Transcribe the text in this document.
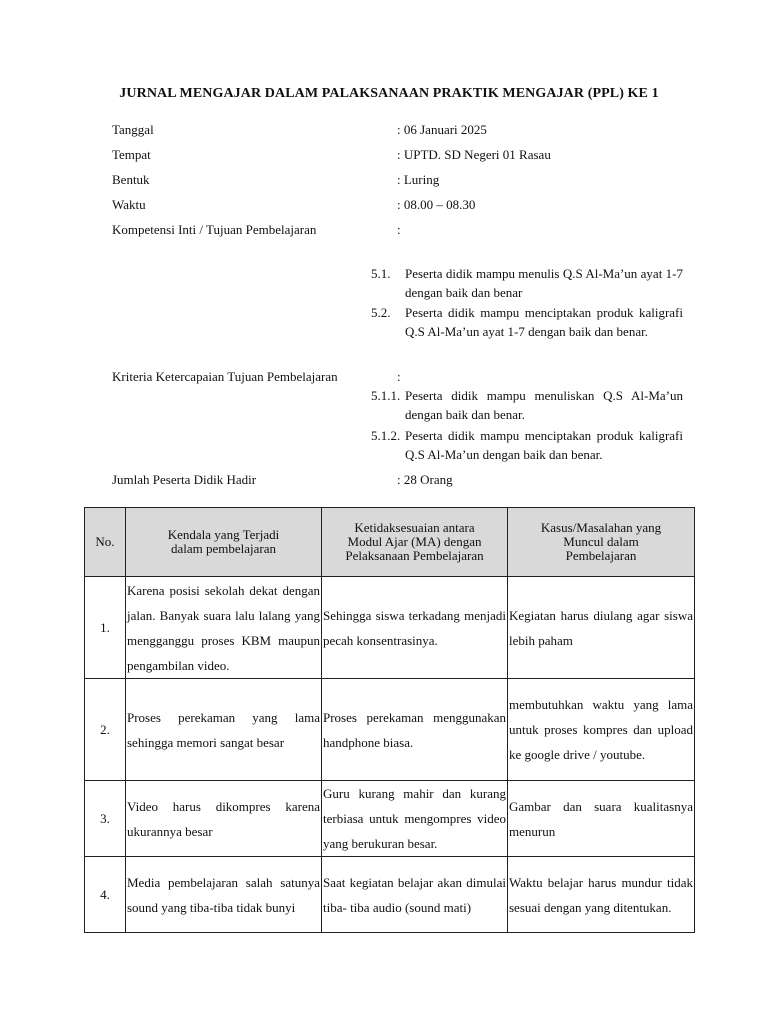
JURNAL MENGAJAR DALAM PALAKSANAAN PRAKTIK MENGAJAR (PPL) KE 1
Tanggal	: 06 Januari 2025
Tempat	: UPTD. SD Negeri 01 Rasau
Bentuk	: Luring
Waktu	: 08.00 – 08.30
Kompetensi Inti / Tujuan Pembelajaran	:
5.1. Peserta didik mampu menulis Q.S Al-Ma’un ayat 1-7 dengan baik dan benar
5.2. Peserta didik mampu menciptakan produk kaligrafi Q.S Al-Ma’un ayat 1-7 dengan baik dan benar.
Kriteria Ketercapaian Tujuan Pembelajaran	:
5.1.1. Peserta didik mampu menuliskan Q.S Al-Ma’un dengan baik dan benar.
5.1.2. Peserta didik mampu menciptakan produk kaligrafi Q.S Al-Ma’un dengan baik dan benar.
Jumlah Peserta Didik Hadir	: 28 Orang
No.	Kendala yang Terjadi dalam pembelajaran	Ketidaksesuaian antara Modul Ajar (MA) dengan Pelaksanaan Pembelajaran	Kasus/Masalahan yang Muncul dalam Pembelajaran

1.	Karena posisi sekolah dekat dengan jalan. Banyak suara lalu lalang yang mengganggu proses KBM maupun pengambilan video.	Sehingga siswa terkadang menjadi pecah konsentrasinya.	Kegiatan harus diulang agar siswa lebih paham
2.	Proses perekaman yang lama sehingga memori sangat besar	Proses perekaman menggunakan handphone biasa.	membutuhkan waktu yang lama untuk proses kompres dan upload ke google drive / youtube.
3.	Video harus dikompres karena ukurannya besar	Guru kurang mahir dan kurang terbiasa untuk mengompres video yang berukuran besar.	Gambar dan suara kualitasnya menurun
4.	Media pembelajaran salah satunya sound yang tiba-tiba tidak bunyi	Saat kegiatan belajar akan dimulai tiba- tiba audio (sound mati)	Waktu belajar harus mundur tidak sesuai dengan yang ditentukan.
